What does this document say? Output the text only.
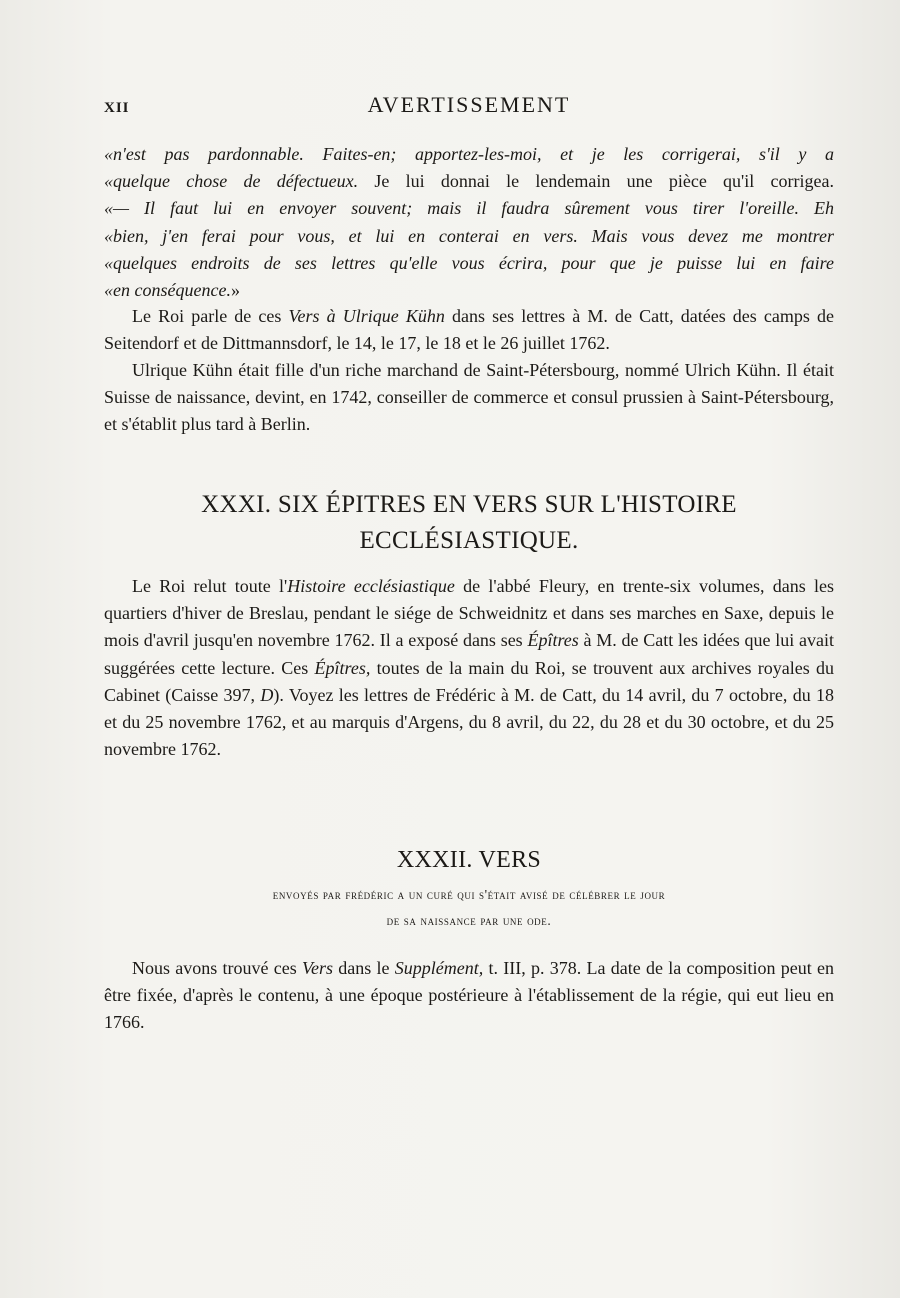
XII	AVERTISSEMENT
«n'est pas pardonnable. Faites-en; apportez-les-moi, et je les corrigerai, s'il y a
«quelque chose de défectueux. Je lui donnai le lendemain une pièce qu'il corrigea.
«— Il faut lui en envoyer souvent; mais il faudra sûrement vous tirer l'oreille. Eh
«bien, j'en ferai pour vous, et lui en conterai en vers. Mais vous devez me montrer
«quelques endroits de ses lettres qu'elle vous écrira, pour que je puisse lui en faire
«en conséquence.»

Le Roi parle de ces Vers à Ulrique Kühn dans ses lettres à M. de Catt, datées des camps de Seitendorf et de Dittmannsdorf, le 14, le 17, le 18 et le 26 juillet 1762.

Ulrique Kühn était fille d'un riche marchand de Saint-Pétersbourg, nommé Ulrich Kühn. Il était Suisse de naissance, devint, en 1742, conseiller de commerce et consul prussien à Saint-Pétersbourg, et s'établit plus tard à Berlin.

XXXI. SIX ÉPITRES EN VERS SUR L'HISTOIRE
ECCLÉSIASTIQUE.

Le Roi relut toute l'Histoire ecclésiastique de l'abbé Fleury, en trente-six volumes, dans les quartiers d'hiver de Breslau, pendant le siége de Schweidnitz et dans ses marches en Saxe, depuis le mois d'avril jusqu'en novembre 1762. Il a exposé dans ses Épîtres à M. de Catt les idées que lui avait suggérées cette lecture. Ces Épîtres, toutes de la main du Roi, se trouvent aux archives royales du Cabinet (Caisse 397, D). Voyez les lettres de Frédéric à M. de Catt, du 14 avril, du 7 octobre, du 18 et du 25 novembre 1762, et au marquis d'Argens, du 8 avril, du 22, du 28 et du 30 octobre, et du 25 novembre 1762.

XXXII. VERS
envoyés par frédéric a un curé qui s'était avisé de célébrer le jour
de sa naissance par une ode.

Nous avons trouvé ces Vers dans le Supplément, t. III, p. 378. La date de la composition peut en être fixée, d'après le contenu, à une époque postérieure à l'établissement de la régie, qui eut lieu en 1766.
